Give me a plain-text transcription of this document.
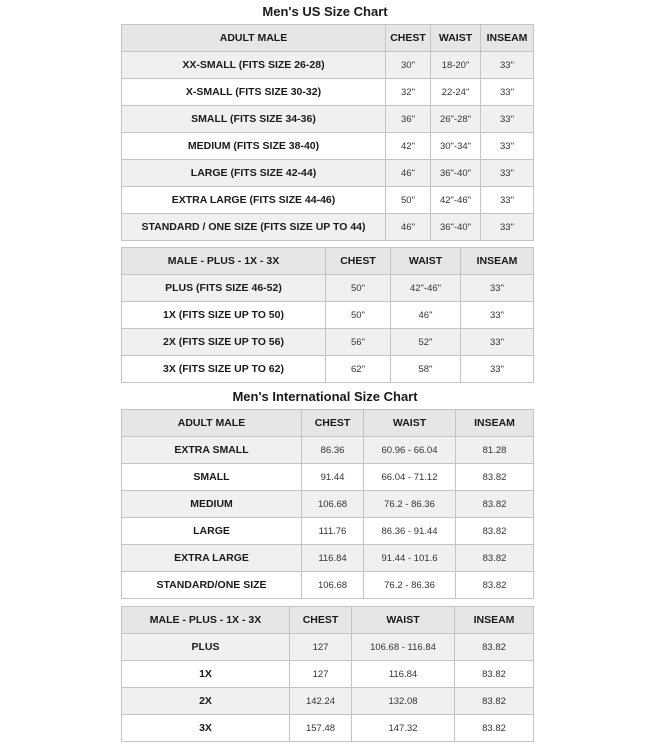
Men's US Size Chart
ADULT MALE	CHEST	WAIST	INSEAM
XX-SMALL (FITS SIZE 26-28)	30"	18-20"	33"
X-SMALL (FITS SIZE 30-32)	32"	22-24"	33"
SMALL (FITS SIZE 34-36)	36"	26"-28"	33"
MEDIUM (FITS SIZE 38-40)	42"	30"-34"	33"
LARGE (FITS SIZE 42-44)	46"	36"-40"	33"
EXTRA LARGE (FITS SIZE 44-46)	50"	42"-46"	33"
STANDARD / ONE SIZE (FITS SIZE UP TO 44)	46"	36"-40"	33"
MALE - PLUS - 1X - 3X	CHEST	WAIST	INSEAM
PLUS (FITS SIZE 46-52)	50"	42"-46"	33"
1X (FITS SIZE UP TO 50)	50"	46"	33"
2X (FITS SIZE UP TO 56)	56"	52"	33"
3X (FITS SIZE UP TO 62)	62"	58"	33"
Men's International Size Chart
ADULT MALE	CHEST	WAIST	INSEAM
EXTRA SMALL	86.36	60.96 - 66.04	81.28
SMALL	91.44	66.04 - 71.12	83.82
MEDIUM	106.68	76.2 - 86.36	83.82
LARGE	111.76	86.36 - 91.44	83.82
EXTRA LARGE	116.84	91.44 - 101.6	83.82
STANDARD/ONE SIZE	106.68	76.2 - 86.36	83.82
MALE - PLUS - 1X - 3X	CHEST	WAIST	INSEAM
PLUS	127	106.68 - 116.84	83.82
1X	127	116.84	83.82
2X	142.24	132.08	83.82
3X	157.48	147.32	83.82
